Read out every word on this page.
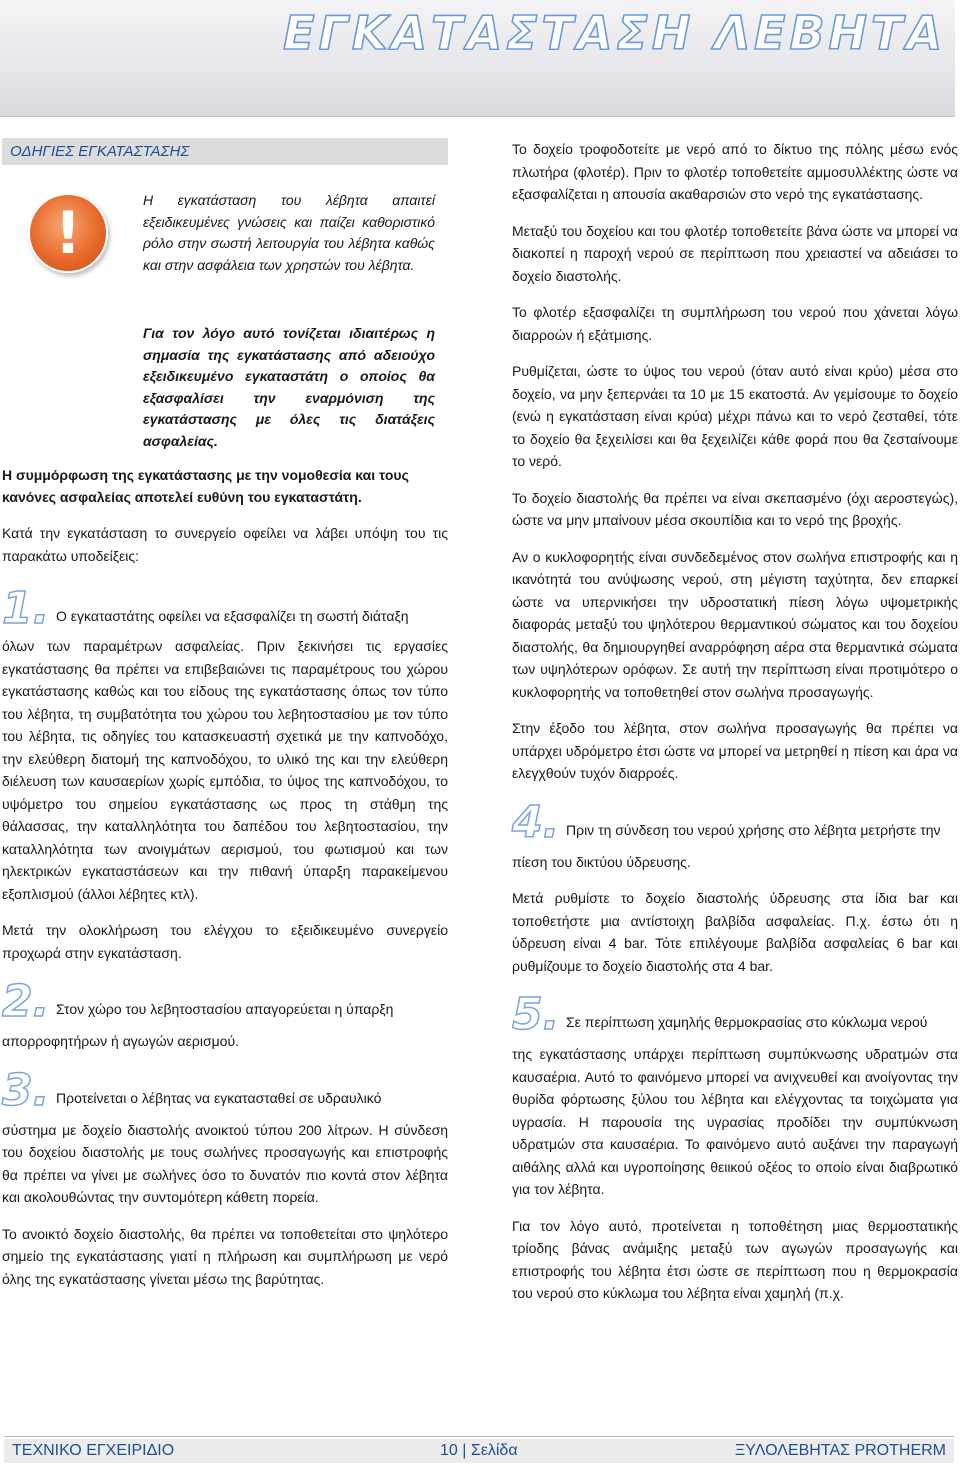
ΕΓΚΑΤΑΣΤΑΣΗ ΛΕΒΗΤΑ
ΟΔΗΓΙΕΣ ΕΓΚΑΤΑΣΤΑΣΗΣ
!	Η εγκατάσταση του λέβητα απαιτεί εξειδικευμένες γνώσεις και παίζει καθοριστικό ρόλο στην σωστή λειτουργία του λέβητα καθώς και στην ασφάλεια των χρηστών του λέβητα.
Για τον λόγο αυτό τονίζεται ιδιαιτέρως η σημασία της εγκατάστασης από αδειούχο εξειδικευμένο εγκαταστάτη ο οποίος θα εξασφαλίσει την εναρμόνιση της εγκατάστασης με όλες τις διατάξεις ασφαλείας.
Η συμμόρφωση της εγκατάστασης με την νομοθεσία και τους κανόνες ασφαλείας αποτελεί ευθύνη του εγκαταστάτη.

Κατά την εγκατάσταση το συνεργείο οφείλει να λάβει υπόψη του τις παρακάτω υποδείξεις:

1. Ο εγκαταστάτης οφείλει να εξασφαλίζει τη σωστή διάταξη

όλων των παραμέτρων ασφαλείας. Πριν ξεκινήσει τις εργασίες εγκατάστασης θα πρέπει να επιβεβαιώνει τις παραμέτρους του χώρου εγκατάστασης καθώς και του είδους της εγκατάστασης όπως τον τύπο του λέβητα, τη συμβατότητα του χώρου του λεβητοστασίου με τον τύπο του λέβητα, τις οδηγίες του κατασκευαστή σχετικά με την καπνοδόχο, την ελεύθερη διατομή της καπνοδόχου, το υλικό της και την ελεύθερη διέλευση των καυσαερίων χωρίς εμπόδια, το ύψος της καπνοδόχου, το υψόμετρο του σημείου εγκατάστασης ως προς τη στάθμη της θάλασσας, την καταλληλότητα του δαπέδου του λεβητοστασίου, την καταλληλότητα των ανοιγμάτων αερισμού, του φωτισμού και των ηλεκτρικών εγκαταστάσεων και την πιθανή ύπαρξη παρακείμενου εξοπλισμού (άλλοι λέβητες κτλ).

Μετά την ολοκλήρωση του ελέγχου το εξειδικευμένο συνεργείο προχωρά στην εγκατάσταση.

2. Στον χώρο του λεβητοστασίου απαγορεύεται η ύπαρξη

απορροφητήρων ή αγωγών αερισμού.

3. Προτείνεται ο λέβητας να εγκατασταθεί σε υδραυλικό

σύστημα με δοχείο διαστολής ανοικτού τύπου 200 λίτρων. Η σύνδεση του δοχείου διαστολής με τους σωλήνες προσαγωγής και επιστροφής θα πρέπει να γίνει με σωλήνες όσο το δυνατόν πιο κοντά στον λέβητα και ακολουθώντας την συντομότερη κάθετη πορεία.

Το ανοικτό δοχείο διαστολής, θα πρέπει να τοποθετείται στο ψηλότερο σημείο της εγκατάστασης γιατί η πλήρωση και συμπλήρωση με νερό όλης της εγκατάστασης γίνεται μέσω της βαρύτητας.

Το δοχείο τροφοδοτείτε με νερό από το δίκτυο της πόλης μέσω ενός πλωτήρα (φλοτέρ). Πριν το φλοτέρ τοποθετείτε αμμοσυλλέκτης ώστε να εξασφαλίζεται η απουσία ακαθαρσιών στο νερό της εγκατάστασης.

Μεταξύ του δοχείου και του φλοτέρ τοποθετείτε βάνα ώστε να μπορεί να διακοπεί η παροχή νερού σε περίπτωση που χρειαστεί να αδειάσει το δοχείο διαστολής.

Το φλοτέρ εξασφαλίζει τη συμπλήρωση του νερού που χάνεται λόγω διαρροών ή εξάτμισης.

Ρυθμίζεται, ώστε το ύψος του νερού (όταν αυτό είναι κρύο) μέσα στο δοχείο, να μην ξεπερνάει τα 10 με 15 εκατοστά. Αν γεμίσουμε το δοχείο (ενώ η εγκατάσταση είναι κρύα) μέχρι πάνω και το νερό ζεσταθεί, τότε το δοχείο θα ξεχειλίσει και θα ξεχειλίζει κάθε φορά που θα ζεσταίνουμε το νερό.

Το δοχείο διαστολής θα πρέπει να είναι σκεπασμένο (όχι αεροστεγώς), ώστε να μην μπαίνουν μέσα σκουπίδια και το νερό της βροχής.

Αν ο κυκλοφορητής είναι συνδεδεμένος στον σωλήνα επιστροφής και η ικανότητά του ανύψωσης νερού, στη μέγιστη ταχύτητα, δεν επαρκεί ώστε να υπερνικήσει την υδροστατική πίεση λόγω υψομετρικής διαφοράς μεταξύ του ψηλότερου θερμαντικού σώματος και του δοχείου διαστολής, θα δημιουργηθεί αναρρόφηση αέρα στα θερμαντικά σώματα των υψηλότερων ορόφων. Σε αυτή την περίπτωση είναι προτιμότερο ο κυκλοφορητής να τοποθετηθεί στον σωλήνα προσαγωγής.

Στην έξοδο του λέβητα, στον σωλήνα προσαγωγής θα πρέπει να υπάρχει υδρόμετρο έτσι ώστε να μπορεί να μετρηθεί η πίεση και άρα να ελεγχθούν τυχόν διαρροές.

4. Πριν τη σύνδεση του νερού χρήσης στο λέβητα μετρήστε την

πίεση του δικτύου ύδρευσης.

Μετά ρυθμίστε το δοχείο διαστολής ύδρευσης στα ίδια bar και τοποθετήστε μια αντίστοιχη βαλβίδα ασφαλείας. Π.χ. έστω ότι η ύδρευση είναι 4 bar. Τότε επιλέγουμε βαλβίδα ασφαλείας 6 bar και ρυθμίζουμε το δοχείο διαστολής στα 4 bar.

5. Σε περίπτωση χαμηλής θερμοκρασίας στο κύκλωμα νερού

της εγκατάστασης υπάρχει περίπτωση συμπύκνωσης υδρατμών στα καυσαέρια. Αυτό το φαινόμενο μπορεί να ανιχνευθεί και ανοίγοντας την θυρίδα φόρτωσης ξύλου του λέβητα και ελέγχοντας τα τοιχώματα για υγρασία. Η παρουσία της υγρασίας προδίδει την συμπύκνωση υδρατμών στα καυσαέρια. Το φαινόμενο αυτό αυξάνει την παραγωγή αιθάλης αλλά και υγροποίησης θειικού οξέος το οποίο είναι διαβρωτικό για τον λέβητα.

Για τον λόγο αυτό, προτείνεται η τοποθέτηση μιας θερμοστατικής τρίοδης βάνας ανάμιξης μεταξύ των αγωγών προσαγωγής και επιστροφής του λέβητα έτσι ώστε σε περίπτωση που η θερμοκρασία του νερού στο κύκλωμα του λέβητα είναι χαμηλή (π.χ.

ΤΕΧΝΙΚΟ ΕΓΧΕΙΡΙΔΙΟ	10 | Σελίδα	ΞΥΛΟΛΕΒΗΤΑΣ PROTHERM
